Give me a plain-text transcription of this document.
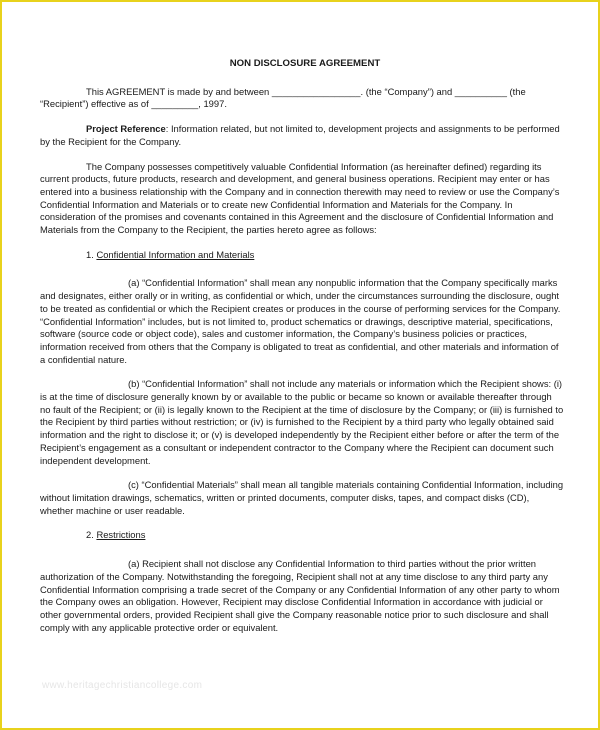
NON DISCLOSURE AGREEMENT

This AGREEMENT is made by and between _________________. (the “Company”) and __________ (the “Recipient”) effective as of _________, 1997.

Project Reference: Information related, but not limited to, development projects and assignments to be performed by the Recipient for the Company.

The Company possesses competitively valuable Confidential Information (as hereinafter defined) regarding its current products, future products, research and development, and general business operations. Recipient may enter or has entered into a business relationship with the Company and in connection therewith may need to review or use the Company’s Confidential Information and Materials or to create new Confidential Information and Materials for the Company. In consideration of the promises and covenants contained in this Agreement and the disclosure of Confidential Information and Materials from the Company to the Recipient, the parties hereto agree as follows:

1. Confidential Information and Materials

(a) “Confidential Information” shall mean any nonpublic information that the Company specifically marks and designates, either orally or in writing, as confidential or which, under the circumstances surrounding the disclosure, ought to be treated as confidential or which the Recipient creates or produces in the course of performing services for the Company. “Confidential Information” includes, but is not limited to, product schematics or drawings, descriptive material, specifications, software (source code or object code), sales and customer information, the Company’s business policies or practices, information received from others that the Company is obligated to treat as confidential, and other materials and information of a confidential nature.

(b) “Confidential Information” shall not include any materials or information which the Recipient shows: (i) is at the time of disclosure generally known by or available to the public or became so known or available thereafter through no fault of the Recipient; or (ii) is legally known to the Recipient at the time of disclosure by the Company; or (iii) is furnished to the Recipient by third parties without restriction; or (iv) is furnished to the Recipient by a third party who legally obtained said information and the right to disclose it; or (v) is developed independently by the Recipient either before or after the term of the Recipient’s engagement as a consultant or independent contractor to the Company where the Recipient can document such independent development.

(c) “Confidential Materials” shall mean all tangible materials containing Confidential Information, including without limitation drawings, schematics, written or printed documents, computer disks, tapes, and compact disks (CD), whether machine or user readable.

2. Restrictions

(a) Recipient shall not disclose any Confidential Information to third parties without the prior written authorization of the Company. Notwithstanding the foregoing, Recipient shall not at any time disclose to any third party any Confidential Information comprising a trade secret of the Company or any Confidential Information of any other party to whom the Company owes an obligation. However, Recipient may disclose Confidential Information in accordance with judicial or other governmental orders, provided Recipient shall give the Company reasonable notice prior to such disclosure and shall comply with any applicable protective order or equivalent.

www.heritagechristiancollege.com
